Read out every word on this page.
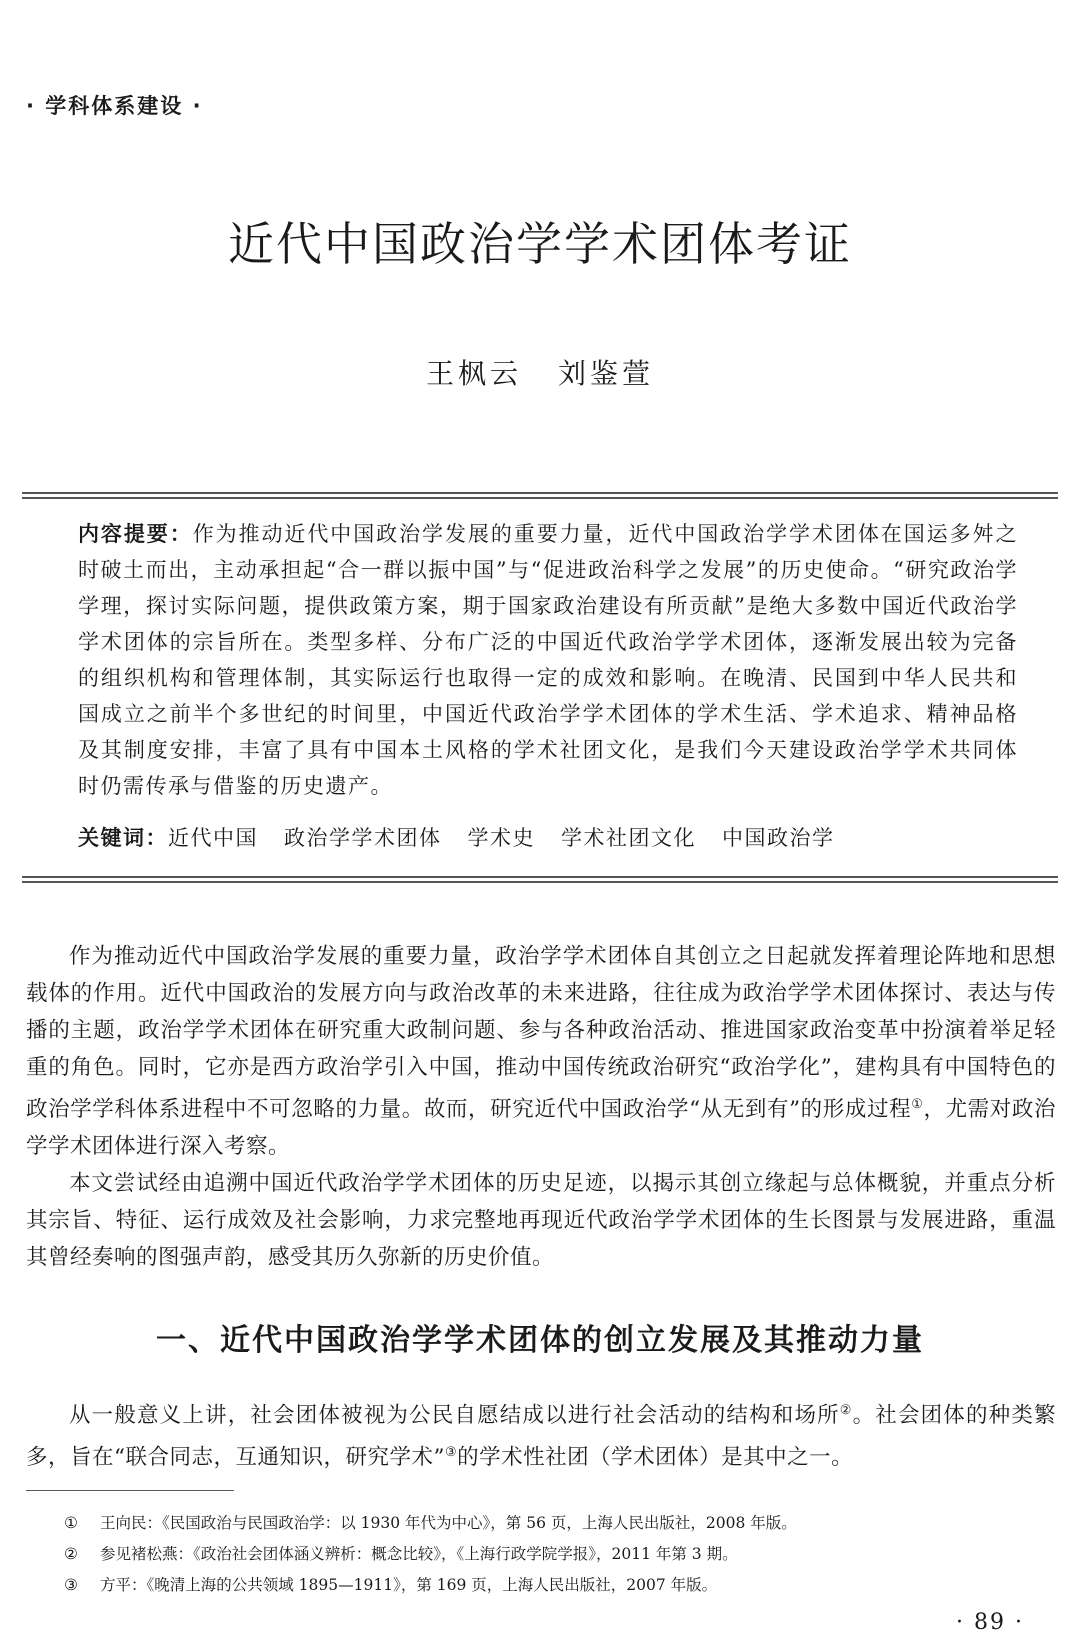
· 学科体系建设 ·
近代中国政治学学术团体考证
王枫云 刘鉴萱
内容提要：作为推动近代中国政治学发展的重要力量，近代中国政治学学术团体在国运多舛之时破土而出，主动承担起“合一群以振中国”与“促进政治科学之发展”的历史使命。“研究政治学学理，探讨实际问题，提供政策方案，期于国家政治建设有所贡献”是绝大多数中国近代政治学学术团体的宗旨所在。类型多样、分布广泛的中国近代政治学学术团体，逐渐发展出较为完备的组织机构和管理体制，其实际运行也取得一定的成效和影响。在晚清、民国到中华人民共和国成立之前半个多世纪的时间里，中国近代政治学学术团体的学术生活、学术追求、精神品格及其制度安排，丰富了具有中国本土风格的学术社团文化，是我们今天建设政治学学术共同体时仍需传承与借鉴的历史遗产。
关键词：近代中国 政治学学术团体 学术史 学术社团文化 中国政治学

作为推动近代中国政治学发展的重要力量，政治学学术团体自其创立之日起就发挥着理论阵地和思想载体的作用。近代中国政治的发展方向与政治改革的未来进路，往往成为政治学学术团体探讨、表达与传播的主题，政治学学术团体在研究重大政制问题、参与各种政治活动、推进国家政治变革中扮演着举足轻重的角色。同时，它亦是西方政治学引入中国，推动中国传统政治研究“政治学化”，建构具有中国特色的政治学学科体系进程中不可忽略的力量。故而，研究近代中国政治学“从无到有”的形成过程①，尤需对政治学学术团体进行深入考察。

本文尝试经由追溯中国近代政治学学术团体的历史足迹，以揭示其创立缘起与总体概貌，并重点分析其宗旨、特征、运行成效及社会影响，力求完整地再现近代政治学学术团体的生长图景与发展进路，重温其曾经奏响的图强声韵，感受其历久弥新的历史价值。

一、近代中国政治学学术团体的创立发展及其推动力量

从一般意义上讲，社会团体被视为公民自愿结成以进行社会活动的结构和场所②。社会团体的种类繁多，旨在“联合同志，互通知识，研究学术”③的学术性社团（学术团体）是其中之一。

① 王向民：《民国政治与民国政治学：以 1930 年代为中心》，第 56 页，上海人民出版社，2008 年版。
② 参见褚松燕：《政治社会团体涵义辨析：概念比较》，《上海行政学院学报》，2011 年第 3 期。
③ 方平：《晚清上海的公共领域 1895—1911》，第 169 页，上海人民出版社，2007 年版。
· 89 ·
